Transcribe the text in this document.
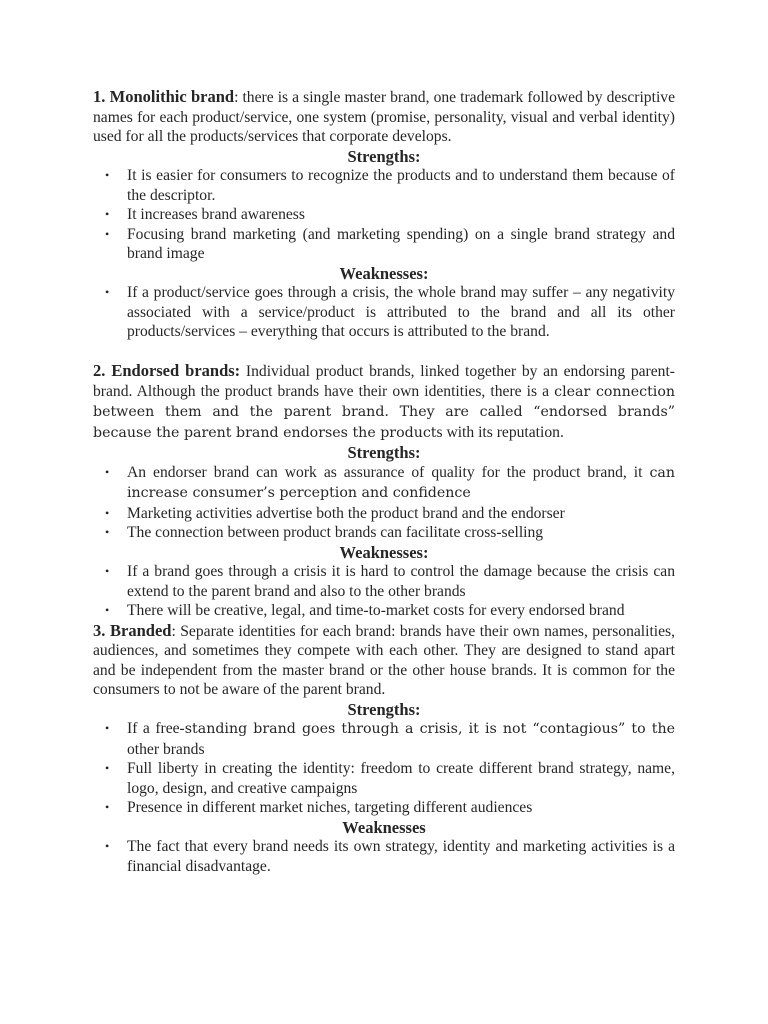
1. Monolithic brand: there is a single master brand, one trademark followed by descriptive names for each product/service, one system (promise, personality, visual and verbal identity) used for all the products/services that corporate develops.

Strengths:

• It is easier for consumers to recognize the products and to understand them because of the descriptor.
• It increases brand awareness
• Focusing brand marketing (and marketing spending) on a single brand strategy and brand image

Weaknesses:

• If a product/service goes through a crisis, the whole brand may suffer – any negativity associated with a service/product is attributed to the brand and all its other products/services – everything that occurs is attributed to the brand.

2. Endorsed brands: Individual product brands, linked together by an endorsing parent-brand. Although the product brands have their own identities, there is a clear connection between them and the parent brand. They are called “endorsed brands” because the parent brand endorses the products with its reputation.

Strengths:

• An endorser brand can work as assurance of quality for the product brand, it can increase consumer’s perception and confidence
• Marketing activities advertise both the product brand and the endorser
• The connection between product brands can facilitate cross-selling

Weaknesses:

• If a brand goes through a crisis it is hard to control the damage because the crisis can extend to the parent brand and also to the other brands
• There will be creative, legal, and time-to-market costs for every endorsed brand

3. Branded: Separate identities for each brand: brands have their own names, personalities, audiences, and sometimes they compete with each other. They are designed to stand apart and be independent from the master brand or the other house brands. It is common for the consumers to not be aware of the parent brand.

Strengths:

• If a free-standing brand goes through a crisis, it is not “contagious” to the other brands
• Full liberty in creating the identity: freedom to create different brand strategy, name, logo, design, and creative campaigns
• Presence in different market niches, targeting different audiences

Weaknesses

• The fact that every brand needs its own strategy, identity and marketing activities is a financial disadvantage.
